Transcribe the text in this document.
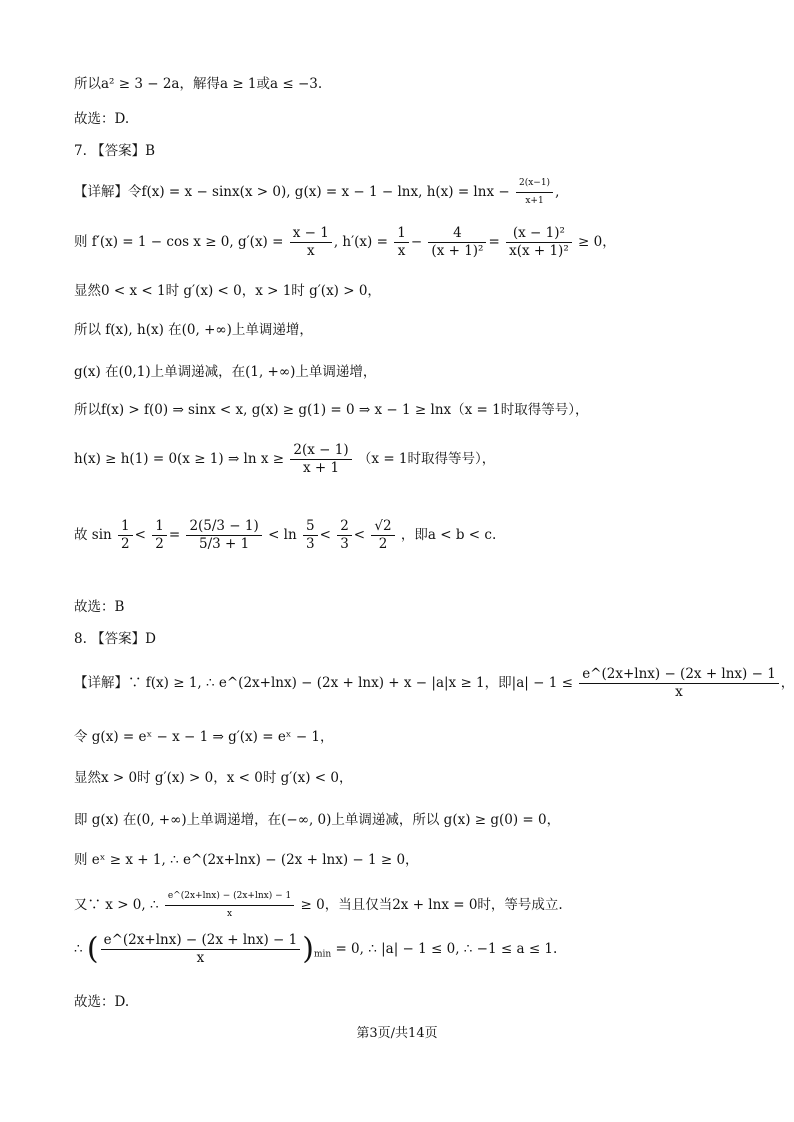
所以a² ≥ 3 − 2a，解得a ≥ 1或a ≤ −3.
故选：D.
7. 【答案】B
【详解】令f(x) = x − sinx(x > 0), g(x) = x − 1 − lnx, $h(x) = \ln x - \frac{2(x-1)}{x+1}$ ,
则 f′(x) = 1 − cos x ≥ 0, $g'(x) = \frac{x - 1}{x}$ , $h'(x) = \frac{1}{x} - \frac{4}{\text{(x + 1)²}} = \frac{\text{(x − 1)²}}{\text{x(x + 1)²}} \ge 0$，
显然0 < x < 1时 g′(x) < 0，x > 1时 g′(x) > 0，
所以 f(x), h(x) 在(0, +∞)上单调递增，
g(x) 在(0,1)上单调递减，在(1, +∞)上单调递增，
所以f(x) > f(0) ⇒ sinx < x, g(x) ≥ g(1) = 0 ⇒ x − 1 ≥ lnx（x = 1时取得等号），
h(x) ≥ h(1) = 0(x ≥ 1) ⇒ $\ln x \ge \frac{2(x - 1)}{x + 1} (x = 1$时取得等号），
故 $\sin \frac{1}{2} < \frac{1}{2} = \frac{2(5/3 - 1)}{5/3 + 1} < \ln \frac{5}{3} < \frac{2}{3} < \frac{√2}{2}$ ，即a < b < c.
故选：B
8. 【答案】D
【详解】∵ f(x) ≥ 1, ∴ e^(2x+lnx) − (2x + lnx) + x − |a|x ≥ 1，即$|a| - 1 \le \frac{e\^{}(2x+\ln x) - (2x + \ln x) - 1}{x}$ ，
令 g(x) = eˣ − x − 1 ⇒ g′(x) = eˣ − 1，
显然x > 0时 g′(x) > 0，x < 0时 g′(x) < 0，
即 g(x) 在(0, +∞)上单调递增，在(−∞, 0)上单调递减，所以 g(x) ≥ g(0) = 0，
则 eˣ ≥ x + 1, ∴ e^(2x+lnx) − (2x + lnx) − 1 ≥ 0，
又∵ x > 0, ∴ $\frac{e\^{}(2x+\ln x) - (2x+\ln x) - 1}{x} \ge 0$，当且仅当2x + lnx = 0时，等号成立.
∴ ( $\frac{e\^{}(2x+\ln x) - (2x + \ln x) - 1}{x} )_{min} = 0$, ∴ |a| − 1 ≤ 0, ∴ −1 ≤ a ≤ 1.
故选：D.
第3页/共14页
